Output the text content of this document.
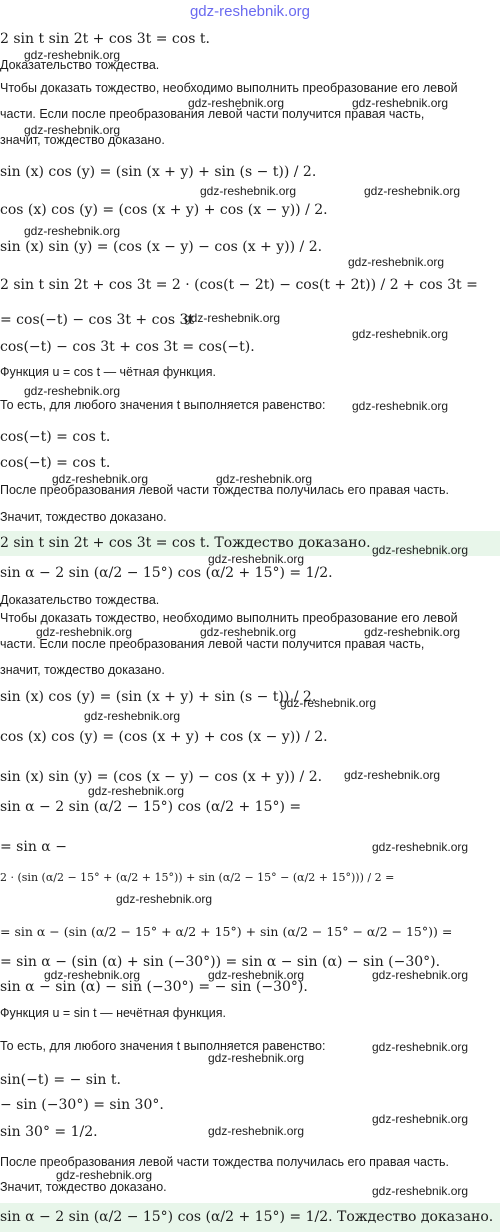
gdz-reshebnik.org
2 sin t sin 2t + cos 3t = cos t.
gdz-reshebnik.org
Доказательство тождества.
Чтобы доказать тождество, необходимо выполнить преобразование его левой
gdz-reshebnik.org	gdz-reshebnik.org
части. Если после преобразования левой части получится правая часть,
gdz-reshebnik.org
значит, тождество доказано.
sin (x) cos (y) = (sin (x + y) + sin (s − t)) / 2.
gdz-reshebnik.org	gdz-reshebnik.org
cos (x) cos (y) = (cos (x + y) + cos (x − y)) / 2.
gdz-reshebnik.org
sin (x) sin (y) = (cos (x − y) − cos (x + y)) / 2.
gdz-reshebnik.org
2 sin t sin 2t + cos 3t = 2 · (cos(t − 2t) − cos(t + 2t)) / 2 + cos 3t =
= cos(−t) − cos 3t + cos 3t
gdz-reshebnik.org
gdz-reshebnik.org
cos(−t) − cos 3t + cos 3t = cos(−t).
Функция u = cos t — чётная функция.
gdz-reshebnik.org
То есть, для любого значения t выполняется равенство: gdz-reshebnik.org
cos(−t) = cos t.
cos(−t) = cos t.
gdz-reshebnik.org	gdz-reshebnik.org
После преобразования левой части тождества получилась его правая часть.
Значит, тождество доказано.
2 sin t sin 2t + cos 3t = cos t. Тождество доказано. gdz-reshebnik.org
gdz-reshebnik.org
sin α − 2 sin (α/2 − 15°) cos (α/2 + 15°) = 1/2.
Доказательство тождества.
Чтобы доказать тождество, необходимо выполнить преобразование его левой
gdz-reshebnik.org	gdz-reshebnik.org	gdz-reshebnik.org
части. Если после преобразования левой части получится правая часть,
значит, тождество доказано.
sin (x) cos (y) = (sin (x + y) + sin (s − t)) / 2.
gdz-reshebnik.org
gdz-reshebnik.org
cos (x) cos (y) = (cos (x + y) + cos (x − y)) / 2.
sin (x) sin (y) = (cos (x − y) − cos (x + y)) / 2. gdz-reshebnik.org
gdz-reshebnik.org
sin α − 2 sin (α/2 − 15°) cos (α/2 + 15°) =
= sin α −	gdz-reshebnik.org
2 · (sin (α/2 − 15° + (α/2 + 15°)) + sin (α/2 − 15° − (α/2 + 15°))) / 2 =
gdz-reshebnik.org
= sin α − (sin (α/2 − 15° + α/2 + 15°) + sin (α/2 − 15° − α/2 − 15°)) =
= sin α − (sin (α) + sin (−30°)) = sin α − sin (α) − sin (−30°).
gdz-reshebnik.org	gdz-reshebnik.org	gdz-reshebnik.org
sin α − sin (α) − sin (−30°) = − sin (−30°).
Функция u = sin t — нечётная функция.
То есть, для любого значения t выполняется равенство:	gdz-reshebnik.org
gdz-reshebnik.org
sin(−t) = − sin t.
− sin (−30°) = sin 30°.
gdz-reshebnik.org
sin 30° = 1/2.	gdz-reshebnik.org
После преобразования левой части тождества получилась его правая часть.
gdz-reshebnik.org
Значит, тождество доказано.	gdz-reshebnik.org
sin α − 2 sin (α/2 − 15°) cos (α/2 + 15°) = 1/2. Тождество доказано.
